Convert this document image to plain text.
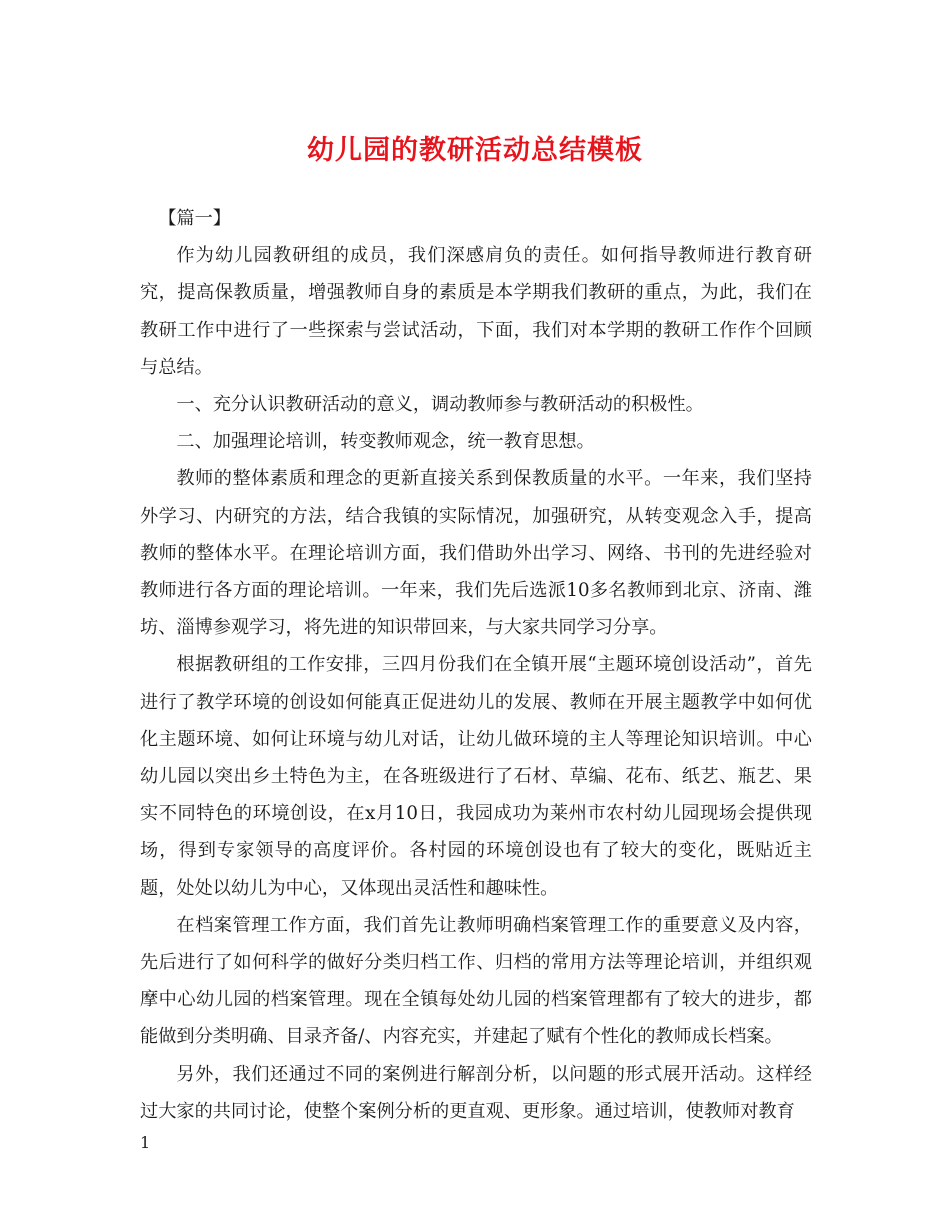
幼儿园的教研活动总结模板

【篇一】

作为幼儿园教研组的成员，我们深感肩负的责任。如何指导教师进行教育研究，提高保教质量，增强教师自身的素质是本学期我们教研的重点，为此，我们在教研工作中进行了一些探索与尝试活动，下面，我们对本学期的教研工作作个回顾与总结。

一、充分认识教研活动的意义，调动教师参与教研活动的积极性。

二、加强理论培训，转变教师观念，统一教育思想。

教师的整体素质和理念的更新直接关系到保教质量的水平。一年来，我们坚持外学习、内研究的方法，结合我镇的实际情况，加强研究，从转变观念入手，提高教师的整体水平。在理论培训方面，我们借助外出学习、网络、书刊的先进经验对教师进行各方面的理论培训。一年来，我们先后选派10多名教师到北京、济南、潍坊、淄博参观学习，将先进的知识带回来，与大家共同学习分享。

根据教研组的工作安排，三四月份我们在全镇开展“主题环境创设活动”，首先进行了教学环境的创设如何能真正促进幼儿的发展、教师在开展主题教学中如何优化主题环境、如何让环境与幼儿对话，让幼儿做环境的主人等理论知识培训。中心幼儿园以突出乡土特色为主，在各班级进行了石材、草编、花布、纸艺、瓶艺、果实不同特色的环境创设，在x月10日，我园成功为莱州市农村幼儿园现场会提供现场，得到专家领导的高度评价。各村园的环境创设也有了较大的变化，既贴近主题，处处以幼儿为中心，又体现出灵活性和趣味性。

在档案管理工作方面，我们首先让教师明确档案管理工作的重要意义及内容，先后进行了如何科学的做好分类归档工作、归档的常用方法等理论培训，并组织观摩中心幼儿园的档案管理。现在全镇每处幼儿园的档案管理都有了较大的进步，都能做到分类明确、目录齐备/、内容充实，并建起了赋有个性化的教师成长档案。

另外，我们还通过不同的案例进行解剖分析，以问题的形式展开活动。这样经过大家的共同讨论，使整个案例分析的更直观、更形象。通过培训，使教师对教育

1
